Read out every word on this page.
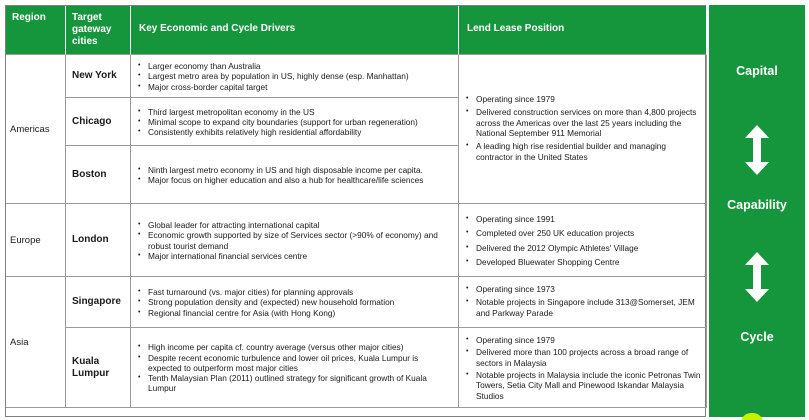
Region	Target gateway cities
Key Economic and Cycle Drivers	Lend Lease Position
Americas
New York
• Larger economy than Australia
• Largest metro area by population in US, highly dense (esp. Manhattan)
• Major cross-border capital target
• Operating since 1979
• Delivered construction services on more than 4,800 projects across the Americas over the last 25 years including the National September 911 Memorial
• A leading high rise residential builder and managing contractor in the United States
Chicago
• Third largest metropolitan economy in the US
• Minimal scope to expand city boundaries (support for urban regeneration)
• Consistently exhibits relatively high residential affordability
Boston
•	Ninth largest metro economy in US and high disposable income per capita.
• Major focus on higher education and also a hub for healthcare/life sciences
Europe	London
• Global leader for attracting international capital
• Economic growth supported by size of Services sector (>90% of economy) and robust tourist demand
• Major international financial services centre
• Operating since 1991
• Completed over 250 UK education projects
• Delivered the 2012 Olympic Athletes' Village
• Developed Bluewater Shopping Centre
Asia
Singapore
• Fast turnaround (vs. major cities) for planning approvals
• Strong population density and (expected) new household formation
• Regional financial centre for Asia (with Hong Kong)
• Operating since 1973
• Notable projects in Singapore include 313@Somerset, JEM and Parkway Parade
Kuala Lumpur
• High income per capita cf. country average (versus other major cities)
• Despite recent economic turbulence and lower oil prices, Kuala Lumpur is expected to outperform most major cities
• Tenth Malaysian Plan (2011) outlined strategy for significant growth of Kuala Lumpur
• Operating since 1979
• Delivered more than 100 projects across a broad range of sectors in Malaysia
• Notable projects in Malaysia include the iconic Petronas Twin Towers, Setia City Mall and Pinewood Iskandar Malaysia Studios
Capital
Capability
Cycle
